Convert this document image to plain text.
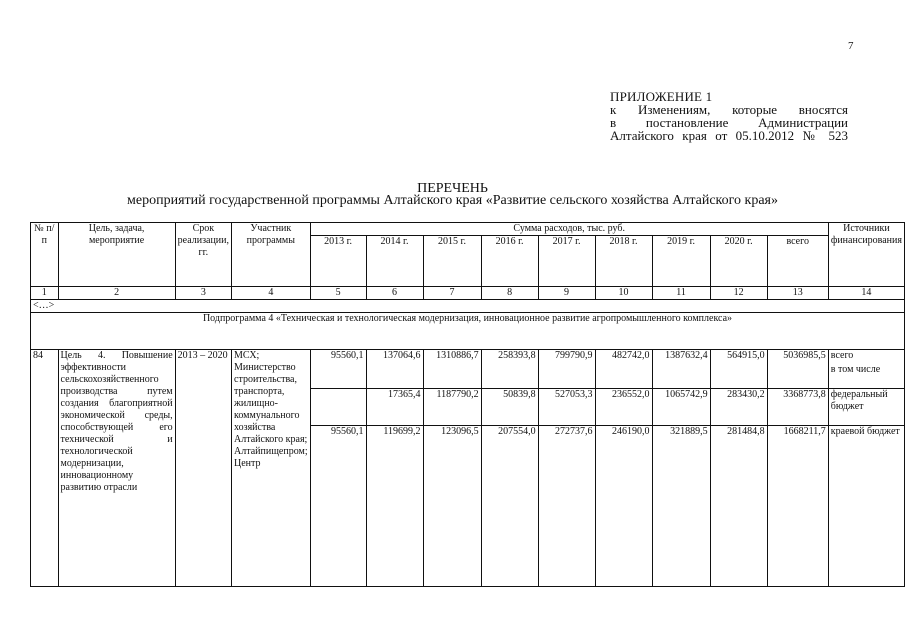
7
ПРИЛОЖЕНИЕ 1
к Изменениям, которые вносятся
в постановление Администрации
Алтайского края от 05.10.2012 № 523
ПЕРЕЧЕНЬ
мероприятий государственной программы Алтайского края «Развитие сельского хозяйства Алтайского края»
№ п/п	Цель, задача, мероприятие	Срок реализации, гг.	Участник программы	Сумма расходов, тыс. руб.									Источники финансирования
				2013 г.	2014 г.	2015 г.	2016 г.	2017 г.	2018 г.	2019 г.	2020 г.	всего	
1	2	3	4	5	6	7	8	9	10	11	12	13	14
<…>													
Подпрограмма 4 «Техническая и технологическая модернизация, инновационное развитие агропромышленного комплекса»													
84	Цель 4. Повышение эффективности сельскохозяйственного производства путем создания благоприятной экономической среды, способствующей его технической и технологической модернизации, инновационному развитию отрасли	2013 – 2020	МСХ; Министерство строительства, транспорта, жилищно-коммунального хозяйства Алтайского края; Алтайпищепром; Центр	95560,1	137064,6	1310886,7	258393,8	799790,9	482742,0	1387632,4	564915,0	5036985,5	всего
													в том числе
					17365,4	1187790,2	50839,8	527053,3	236552,0	1065742,9	283430,2	3368773,8	федеральный бюджет
				95560,1	119699,2	123096,5	207554,0	272737,6	246190,0	321889,5	281484,8	1668211,7	краевой бюджет
